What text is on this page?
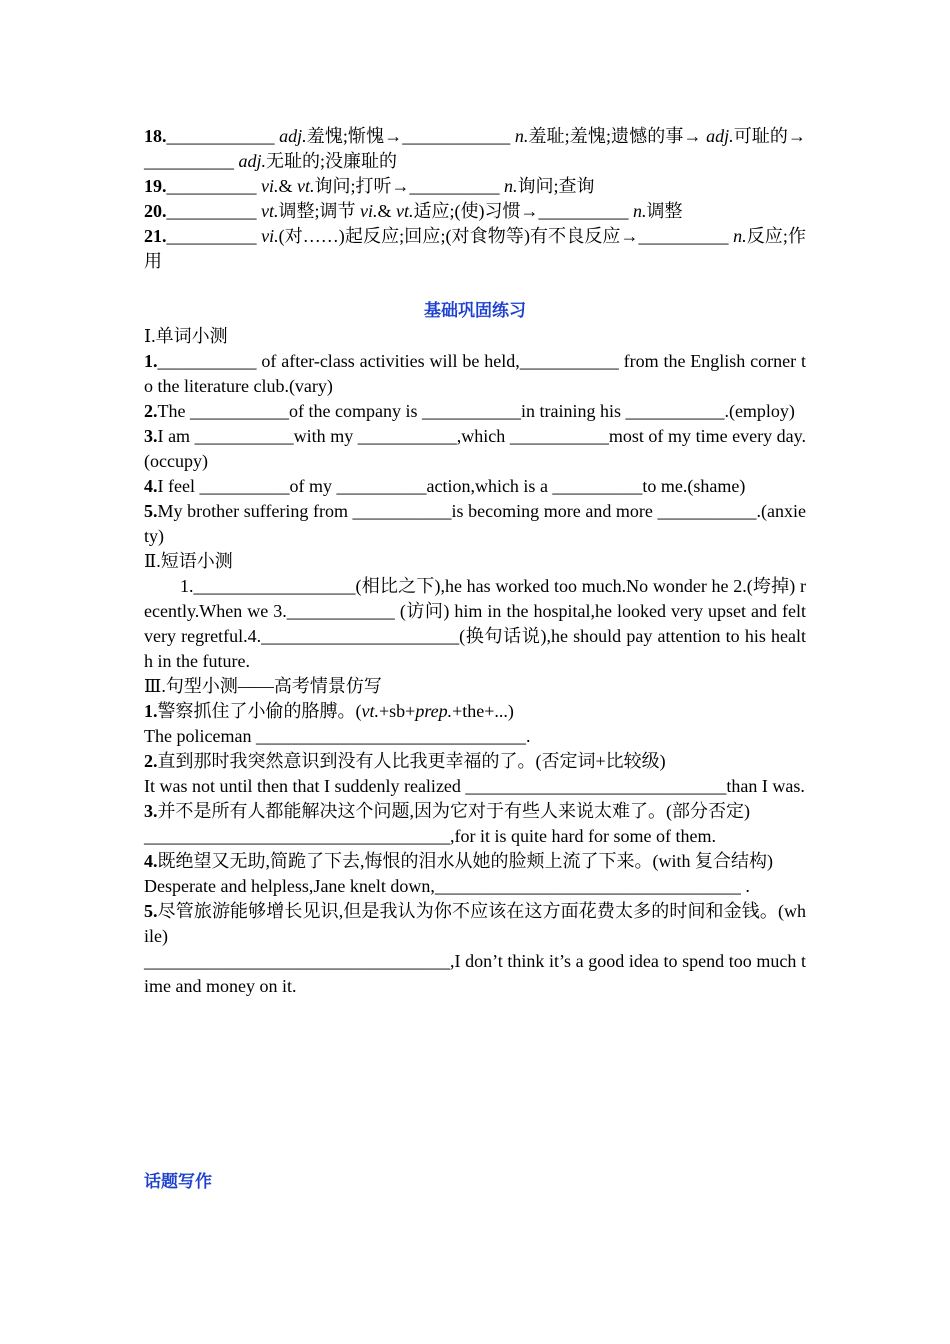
18.____________ adj.羞愧;惭愧→____________ n.羞耻;羞愧;遗憾的事→ adj.可耻的→__________ adj.无耻的;没廉耻的
19.__________ vi.& vt.询问;打听→__________ n.询问;查询
20.__________ vt.调整;调节 vi.& vt.适应;(使)习惯→__________ n.调整
21.__________ vi.(对……)起反应;回应;(对食物等)有不良反应→__________ n.反应;作用
基础巩固练习
Ⅰ.单词小测
1.___________ of after-class activities will be held,___________ from the English corner to the literature club.(vary)
2.The ___________of the company is ___________in training his ___________.(employ)
3.I am ___________with my ___________,which ___________most of my time every day.(occupy)
4.I feel __________of my __________action,which is a __________to me.(shame)
5.My brother suffering from ___________is becoming more and more ___________.(anxiety)
Ⅱ.短语小测
1.__________________(相比之下),he has worked too much.No wonder he 2.(垮掉) recently.When we 3.____________ (访问) him in the hospital,he looked very upset and felt very regretful.4.______________________(换句话说),he should pay attention to his health in the future.
Ⅲ.句型小测——高考情景仿写
1.警察抓住了小偷的胳膊。(vt.+sb+prep.+the+...)
The policeman ______________________________.
2.直到那时我突然意识到没有人比我更幸福的了。(否定词+比较级)
It was not until then that I suddenly realized _____________________________than I was.
3.并不是所有人都能解决这个问题,因为它对于有些人来说太难了。(部分否定)
__________________________________,for it is quite hard for some of them.
4.既绝望又无助,简跪了下去,悔恨的泪水从她的脸颊上流了下来。(with 复合结构)
Desperate and helpless,Jane knelt down,__________________________________ .
5.尽管旅游能够增长见识,但是我认为你不应该在这方面花费太多的时间和金钱。(while)
__________________________________,I don’t think it’s a good idea to spend too much time and money on it.
话题写作
